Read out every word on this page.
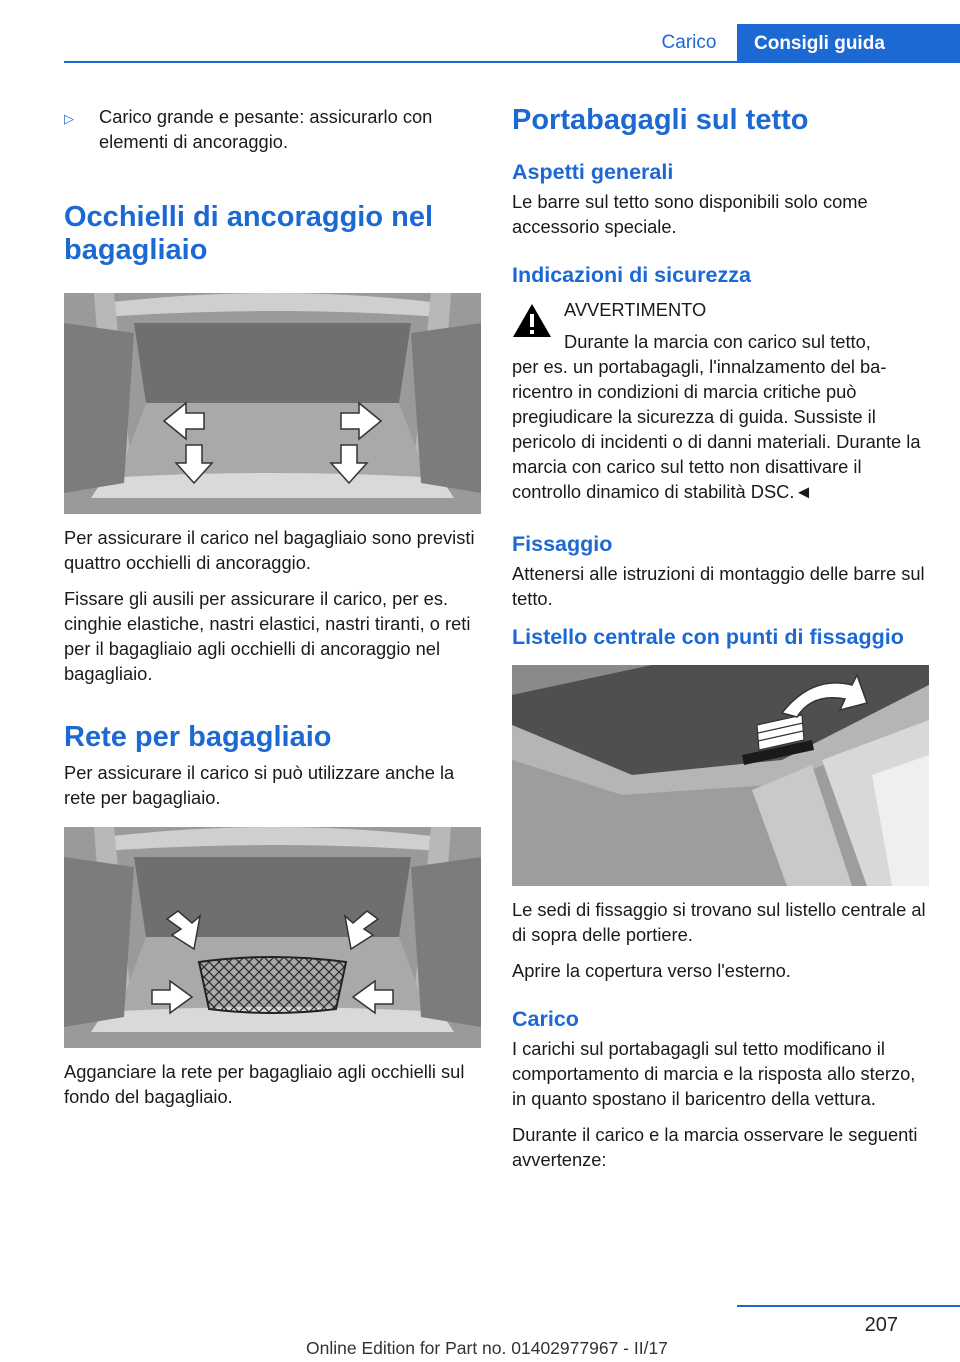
Carico	Consigli guida
▷	Carico grande e pesante: assicurarlo con elementi di ancoraggio.
Occhielli di ancoraggio nel bagagliaio

Per assicurare il carico nel bagagliaio sono previsti quattro occhielli di ancoraggio.

Fissare gli ausili per assicurare il carico, per es. cinghie elastiche, nastri elastici, nastri tiranti, o reti per il bagagliaio agli occhielli di ancoraggio nel bagagliaio.

Rete per bagagliaio

Per assicurare il carico si può utilizzare anche la rete per bagagliaio.

Agganciare la rete per bagagliaio agli occhielli sul fondo del bagagliaio.

Portabagagli sul tetto
Aspetti generali

Le barre sul tetto sono disponibili solo come accessorio speciale.

Indicazioni di sicurezza
AVVERTIMENTO
Durante la marcia con carico sul tetto,
per es. un portabagagli, l'innalzamento del baricentro in condizioni di marcia critiche può pregiudicare la sicurezza di guida. Sussiste il pericolo di incidenti o di danni materiali. Durante la marcia con carico sul tetto non disattivare il controllo dinamico di stabilità DSC.◄
Fissaggio

Attenersi alle istruzioni di montaggio delle barre sul tetto.

Listello centrale con punti di fissaggio

Le sedi di fissaggio si trovano sul listello centrale al di sopra delle portiere.

Aprire la copertura verso l'esterno.

Carico

I carichi sul portabagagli sul tetto modificano il comportamento di marcia e la risposta allo sterzo, in quanto spostano il baricentro della vettura.

Durante il carico e la marcia osservare le seguenti avvertenze:

207
Online Edition for Part no. 01402977967 - II/17
